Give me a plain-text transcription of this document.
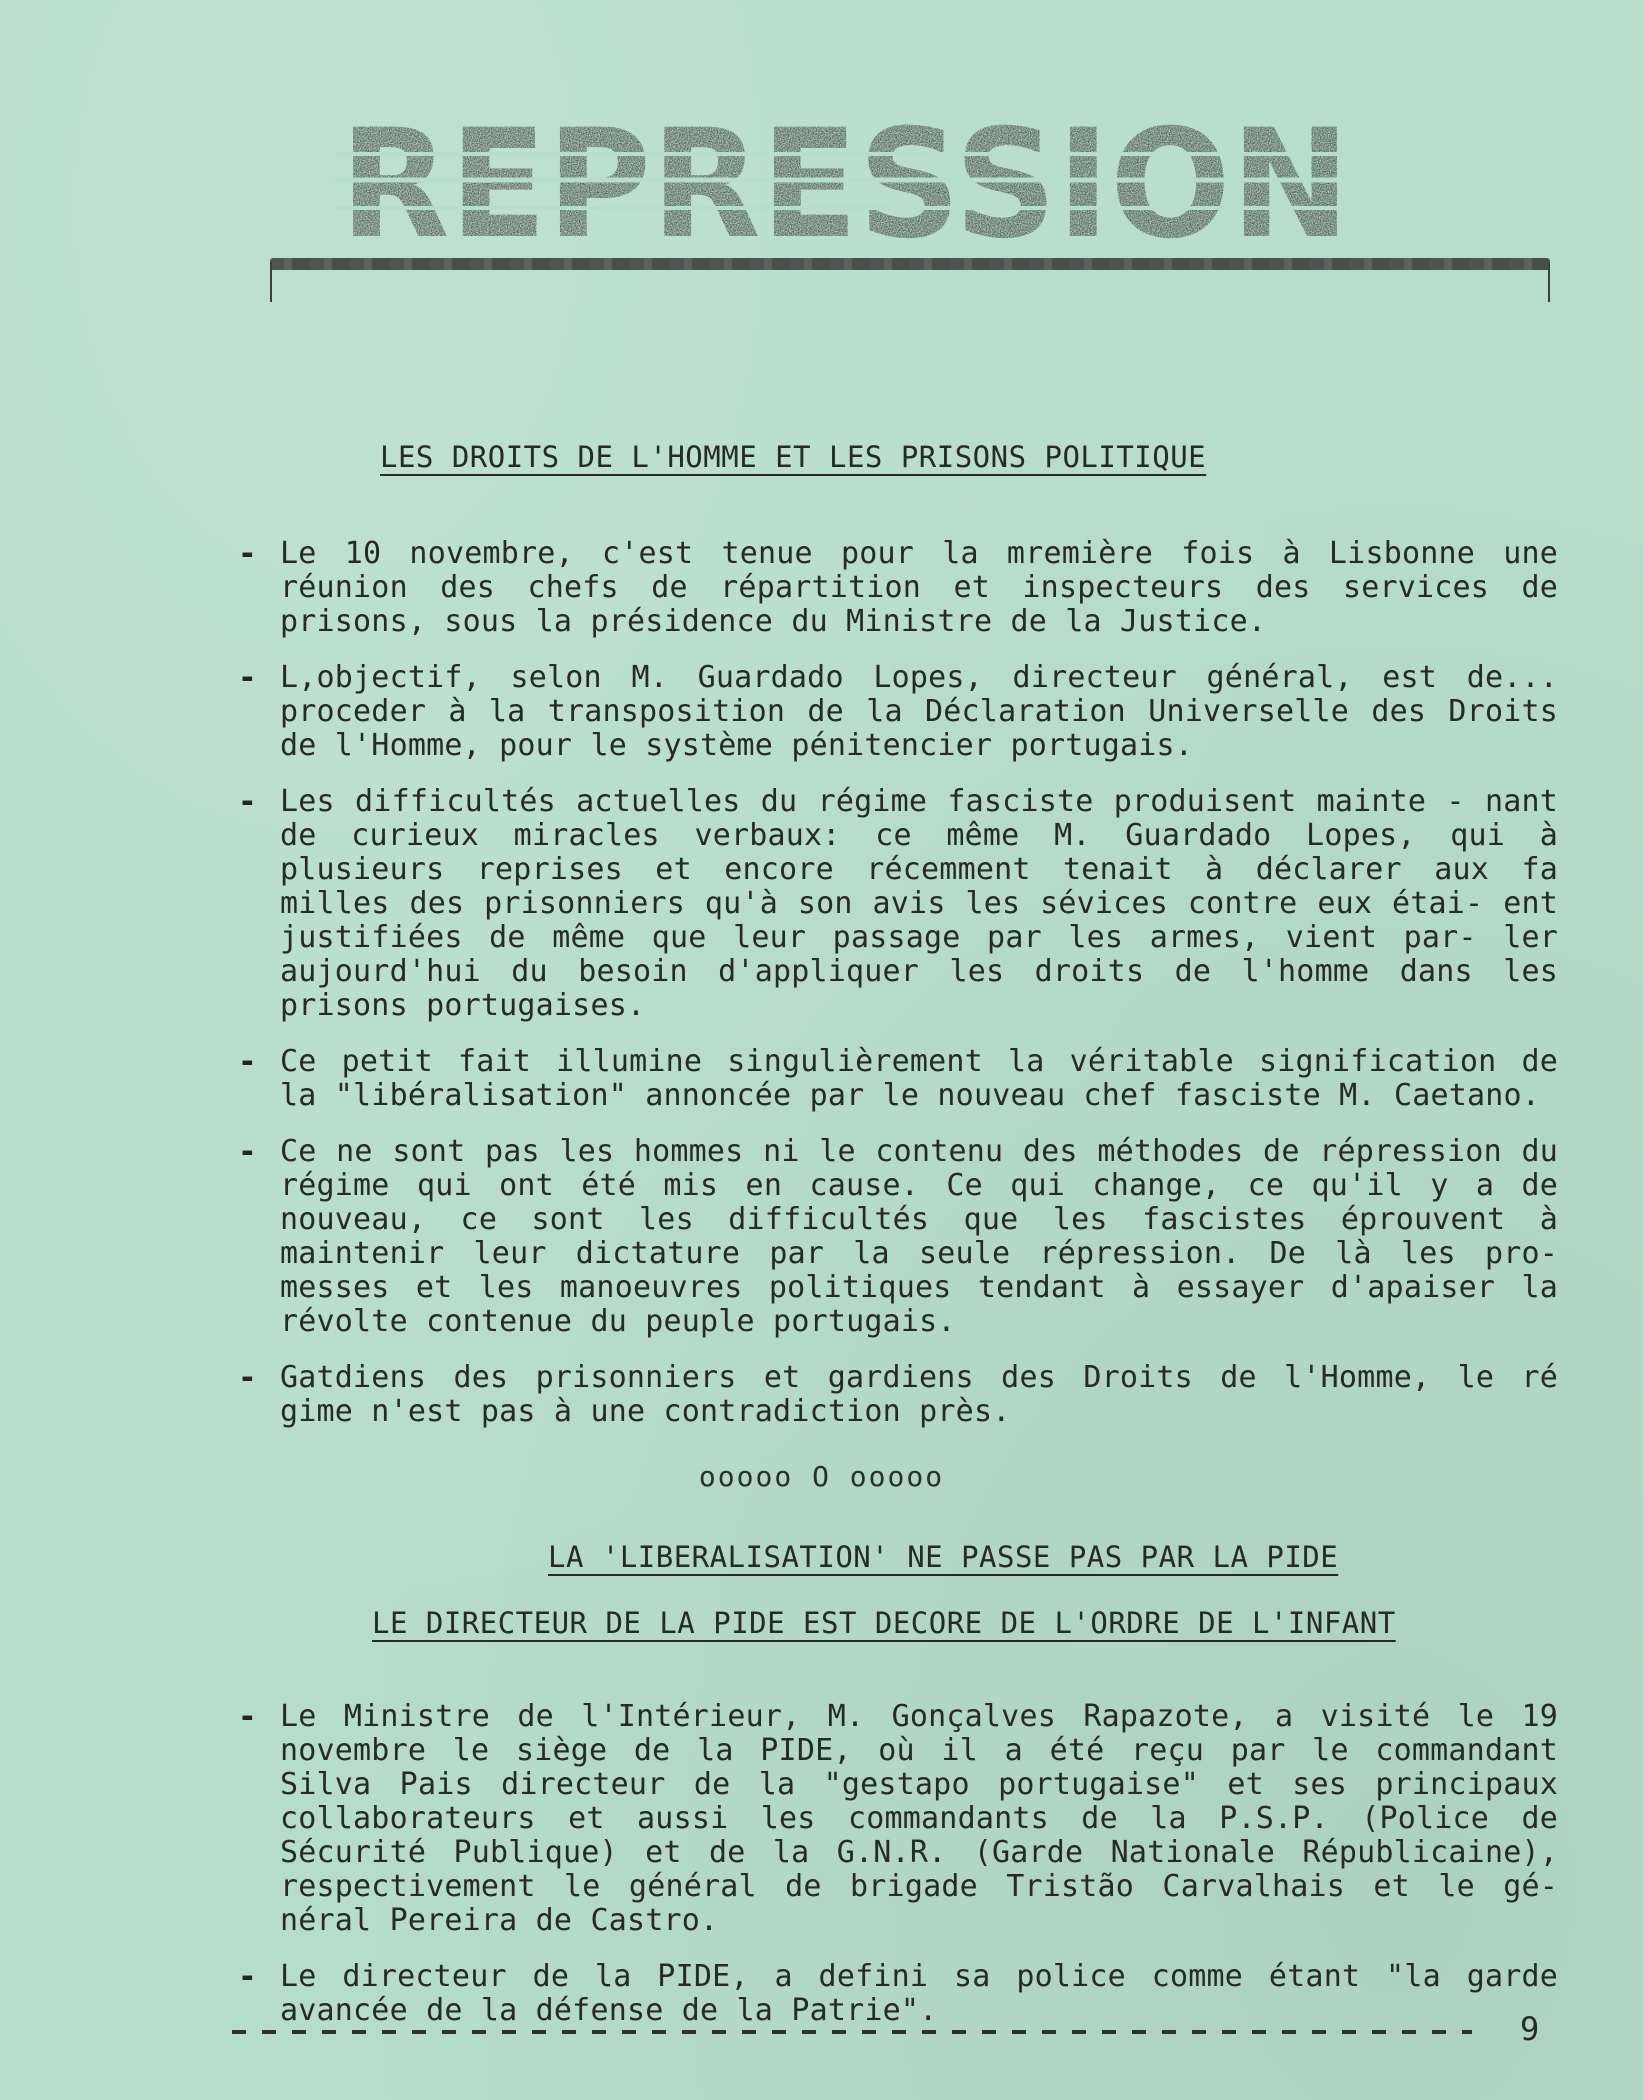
REPRESSION
LES DROITS DE L'HOMME ET LES PRISONS POLITIQUE
- Le 10 novembre, c'est tenue pour la mremière fois à Lisbonne une réunion des chefs de répartition et inspecteurs des services de prisons, sous la présidence du Ministre de la Justice.
- L,objectif, selon M. Guardado Lopes, directeur général, est de... proceder à la transposition de la Déclaration Universelle des Droits de l'Homme, pour le système pénitencier portugais.
- Les difficultés actuelles du régime fasciste produisent mainte - nant de curieux miracles verbaux: ce même M. Guardado Lopes, qui à plusieurs reprises et encore récemment tenait à déclarer aux fa milles des prisonniers qu'à son avis les sévices contre eux étai- ent justifiées de même que leur passage par les armes, vient par- ler aujourd'hui du besoin d'appliquer les droits de l'homme dans les prisons portugaises.
- Ce petit fait illumine singulièrement la véritable signification de la "libéralisation" annoncée par le nouveau chef fasciste M. Caetano.
- Ce ne sont pas les hommes ni le contenu des méthodes de répression du régime qui ont été mis en cause. Ce qui change, ce qu'il y a de nouveau, ce sont les difficultés que les fascistes éprouvent à maintenir leur dictature par la seule répression. De là les pro- messes et les manoeuvres politiques tendant à essayer d'apaiser la révolte contenue du peuple portugais.
- Gatdiens des prisonniers et gardiens des Droits de l'Homme, le ré gime n'est pas à une contradiction près.
ooooo O ooooo
LA 'LIBERALISATION' NE PASSE PAS PAR LA PIDE
LE DIRECTEUR DE LA PIDE EST DECORE DE L'ORDRE DE L'INFANT
- Le Ministre de l'Intérieur, M. Gonçalves Rapazote, a visité le 19 novembre le siège de la PIDE, où il a été reçu par le commandant Silva Pais directeur de la "gestapo portugaise" et ses principaux collaborateurs et aussi les commandants de la P.S.P. (Police de Sécurité Publique) et de la G.N.R. (Garde Nationale Républicaine), respectivement le général de brigade Tristão Carvalhais et le gé- néral Pereira de Castro.
- Le directeur de la PIDE, a defini sa police comme étant "la garde avancée de la défense de la Patrie".	9
